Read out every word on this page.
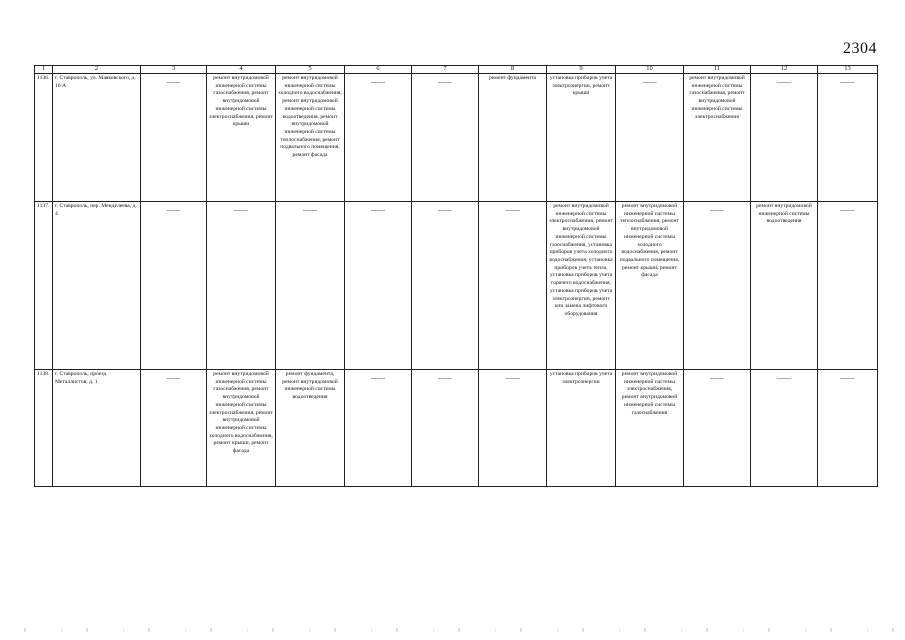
2304
1	2	3	4	5	6	7	8	9	10	11	12	13
1136.	г. Ставрополь, ул. Маяковского, д. 16/А	——	ремонт внутридомовой инженерной системы газоснабжения, ремонт внутридомовой инженерной системы электроснабжения, ремонт крыши	ремонт внутридомовой инженерной системы холодного водоснабжения, ремонт внутридомовой инженерной системы водоотведения, ремонт внутридомовой инженерной системы теплоснабжения, ремонт подвального помещения, ремонт фасада	——	——	ремонт фундамента	установка приборов учета электроэнергии, ремонт крыши	——	ремонт внутридомовой инженерной системы газоснабжения, ремонт внутридомовой инженерной системы электроснабжения	——	——

1137.	г. Ставрополь, пер. Менделеева, д. 4	——	——	——	——	——	——	ремонт внутридомовой инженерной системы электроснабжения, ремонт внутридомовой инженерной системы газоснабжения, установка приборов учета холодного водоснабжения, установка приборов учета тепла, установка приборов учета горячего водоснабжения, установка приборов учета электроэнергии, ремонт или замена лифтового оборудования	ремонт внутридомовой инженерной системы теплоснабжения, ремонт внутридомовой инженерной системы холодного водоснабжения, ремонт подвального помещения, ремонт крыши, ремонт фасада	——	ремонт внутридомовой инженерной системы водоотведения	——

1138.	г. Ставрополь, проезд Металлистов, д. 1	——	ремонт внутридомовой инженерной системы газоснабжения, ремонт внутридомовой инженерной системы электроснабжения, ремонт внутридомовой инженерной системы холодного водоснабжения, ремонт крыши, ремонт фасада	ремонт фундамента, ремонт внутридомовой инженерной системы водоотведения	——	——	——	установка приборов учета электроэнергии	ремонт внутридомовой инженерной системы электроснабжения, ремонт внутридомовой инженерной системы газоснабжения	——	——	——
